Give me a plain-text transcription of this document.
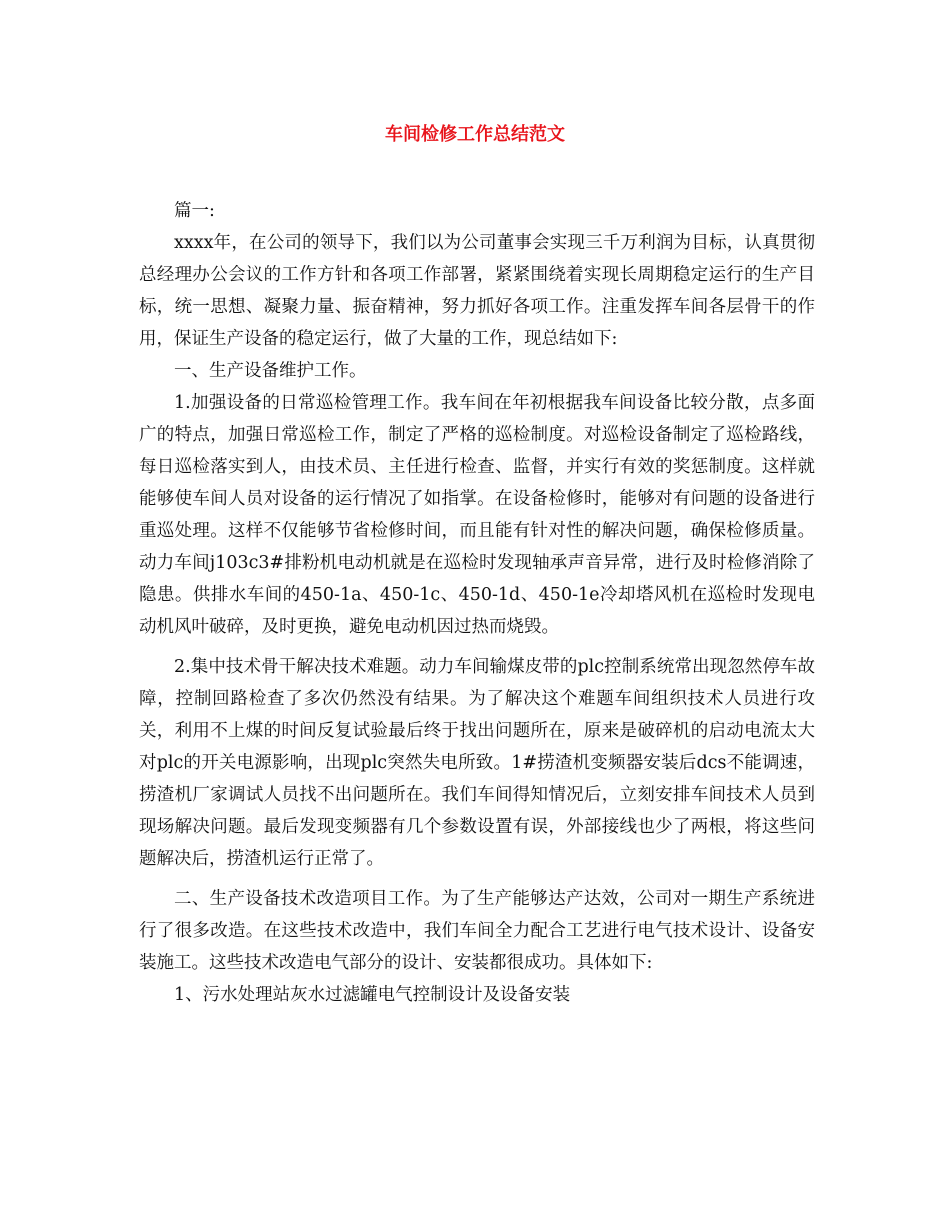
车间检修工作总结范文

篇一:

xxxx年，在公司的领导下，我们以为公司董事会实现三千万利润为目标，认真贯彻总经理办公会议的工作方针和各项工作部署，紧紧围绕着实现长周期稳定运行的生产目标，统一思想、凝聚力量、振奋精神，努力抓好各项工作。注重发挥车间各层骨干的作用，保证生产设备的稳定运行，做了大量的工作，现总结如下:

一、生产设备维护工作。

1.加强设备的日常巡检管理工作。我车间在年初根据我车间设备比较分散，点多面广的特点，加强日常巡检工作，制定了严格的巡检制度。对巡检设备制定了巡检路线，每日巡检落实到人，由技术员、主任进行检查、监督，并实行有效的奖惩制度。这样就能够使车间人员对设备的运行情况了如指掌。在设备检修时，能够对有问题的设备进行重巡处理。这样不仅能够节省检修时间，而且能有针对性的解决问题，确保检修质量。动力车间j103c3#排粉机电动机就是在巡检时发现轴承声音异常，进行及时检修消除了隐患。供排水车间的450-1a、450-1c、450-1d、450-1e冷却塔风机在巡检时发现电动机风叶破碎，及时更换，避免电动机因过热而烧毁。

2.集中技术骨干解决技术难题。动力车间输煤皮带的plc控制系统常出现忽然停车故障，控制回路检查了多次仍然没有结果。为了解决这个难题车间组织技术人员进行攻关，利用不上煤的时间反复试验最后终于找出问题所在，原来是破碎机的启动电流太大对plc的开关电源影响，出现plc突然失电所致。1#捞渣机变频器安装后dcs不能调速，捞渣机厂家调试人员找不出问题所在。我们车间得知情况后，立刻安排车间技术人员到现场解决问题。最后发现变频器有几个参数设置有误，外部接线也少了两根，将这些问题解决后，捞渣机运行正常了。

二、生产设备技术改造项目工作。为了生产能够达产达效，公司对一期生产系统进行了很多改造。在这些技术改造中，我们车间全力配合工艺进行电气技术设计、设备安装施工。这些技术改造电气部分的设计、安装都很成功。具体如下:

1、污水处理站灰水过滤罐电气控制设计及设备安装
